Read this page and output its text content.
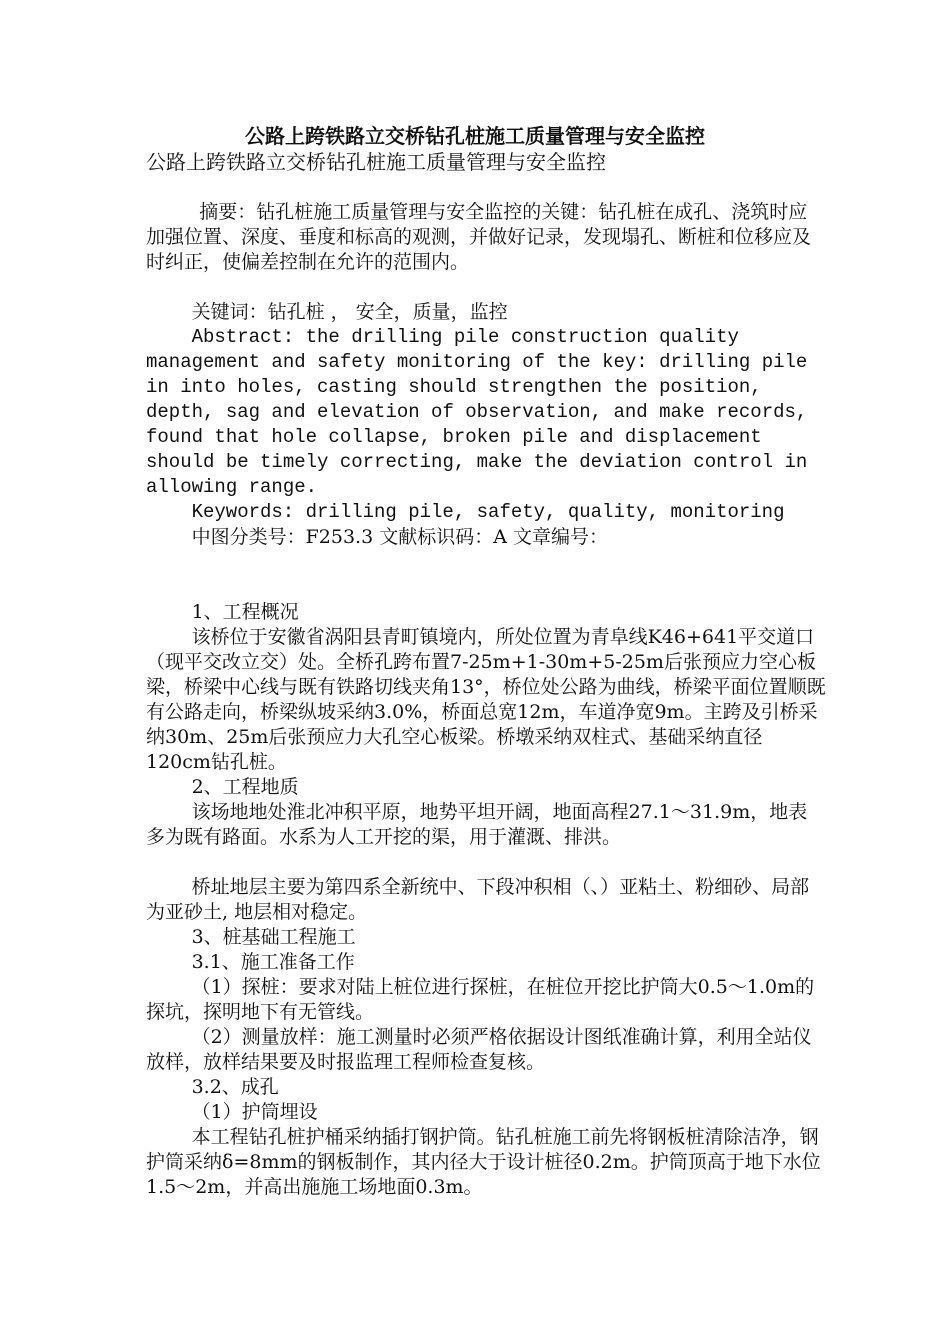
公路上跨铁路立交桥钻孔桩施工质量管理与安全监控
公路上跨铁路立交桥钻孔桩施工质量管理与安全监控

摘要：钻孔桩施工质量管理与安全监控的关键：钻孔桩在成孔、浇筑时应加强位置、深度、垂度和标高的观测，并做好记录，发现塌孔、断桩和位移应及时纠正，使偏差控制在允许的范围内。

关键词：钻孔桩 ， 安全，质量，监控

Abstract: the drilling pile construction quality management and safety monitoring of the key: drilling pile in into holes, casting should strengthen the position, depth, sag and elevation of observation, and make records, found that hole collapse, broken pile and displacement should be timely correcting, make the deviation control in allowing range.

Keywords: drilling pile, safety, quality, monitoring

中图分类号：F253.3 文献标识码：A 文章编号：

1、工程概况

该桥位于安徽省涡阳县青町镇境内，所处位置为青阜线K46+641平交道口（现平交改立交）处。全桥孔跨布置7-25m+1-30m+5-25m后张预应力空心板梁，桥梁中心线与既有铁路切线夹角13°，桥位处公路为曲线，桥梁平面位置顺既有公路走向，桥梁纵坡采纳3.0%，桥面总宽12m，车道净宽9m。主跨及引桥采纳30m、25m后张预应力大孔空心板梁。桥墩采纳双柱式、基础采纳直径120cm钻孔桩。

2、工程地质

该场地地处淮北冲积平原，地势平坦开阔，地面高程27.1～31.9m，地表多为既有路面。水系为人工开挖的渠，用于灌溉、排洪。

桥址地层主要为第四系全新统中、下段冲积相（、）亚粘土、粉细砂、局部为亚砂土, 地层相对稳定。

3、桩基础工程施工

3.1、施工准备工作

（1）探桩：要求对陆上桩位进行探桩，在桩位开挖比护筒大0.5～1.0m的探坑，探明地下有无管线。

（2）测量放样：施工测量时必须严格依据设计图纸准确计算，利用全站仪放样，放样结果要及时报监理工程师检查复核。

3.2、成孔

（1）护筒埋设

本工程钻孔桩护桶采纳插打钢护筒。钻孔桩施工前先将钢板桩清除洁净，钢护筒采纳δ=8mm的钢板制作，其内径大于设计桩径0.2m。护筒顶高于地下水位1.5～2m，并高出施施工场地面0.3m。
